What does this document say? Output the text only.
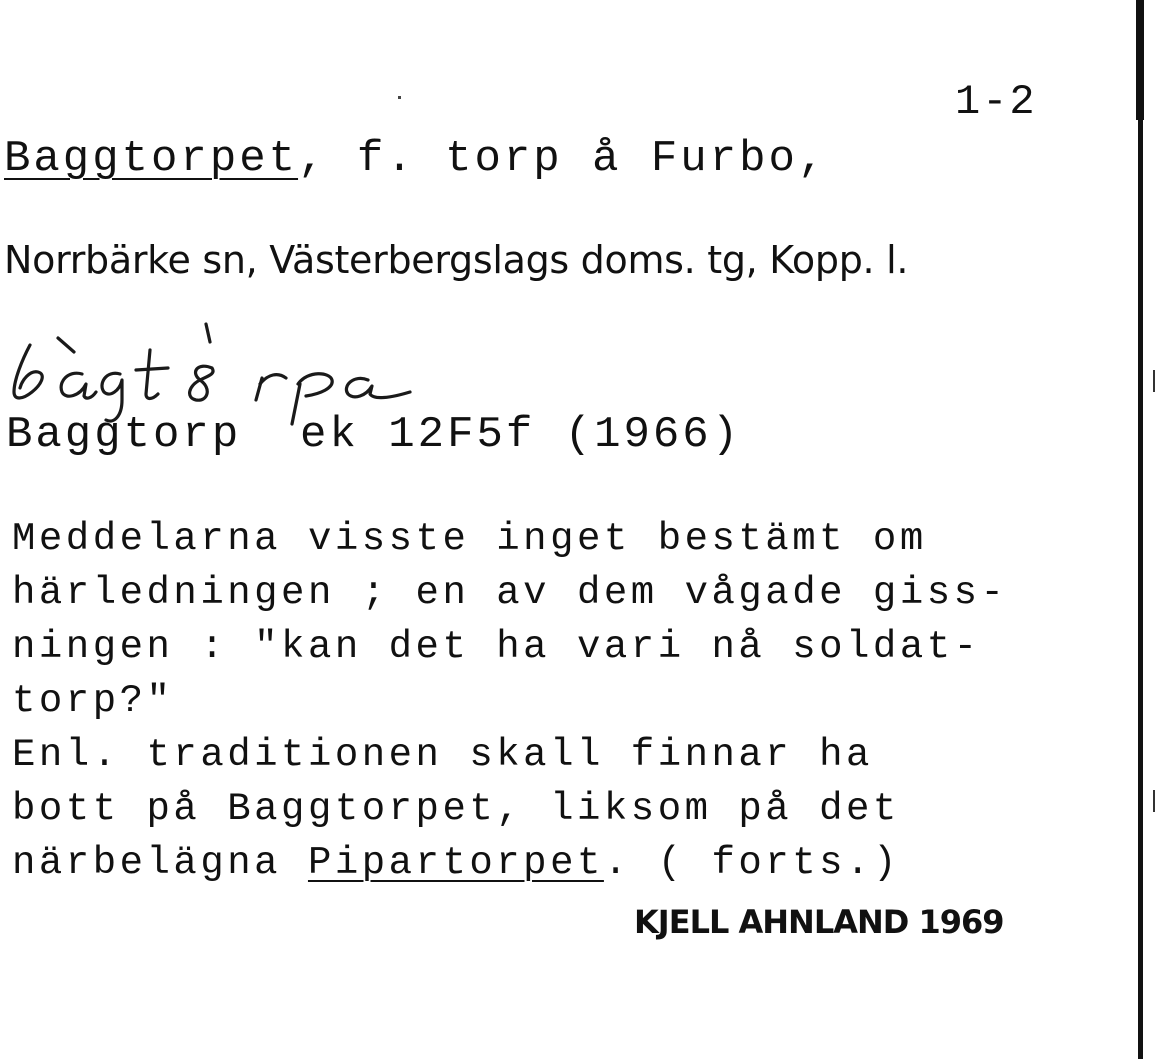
1-2

Baggtorpet, f. torp å Furbo,

Norrbärke sn, Västerbergslags doms. tg, Kopp. l.

Baggtorp  ek 12F5f (1966)

Meddelarna visste inget bestämt om
härledningen ; en av dem vågade giss-
ningen : "kan det ha vari nå soldat-
torp?"
Enl. traditionen skall finnar ha
bott på Baggtorpet, liksom på det
närbelägna Pipartorpet. ( forts.)

KJELL AHNLAND 1969
